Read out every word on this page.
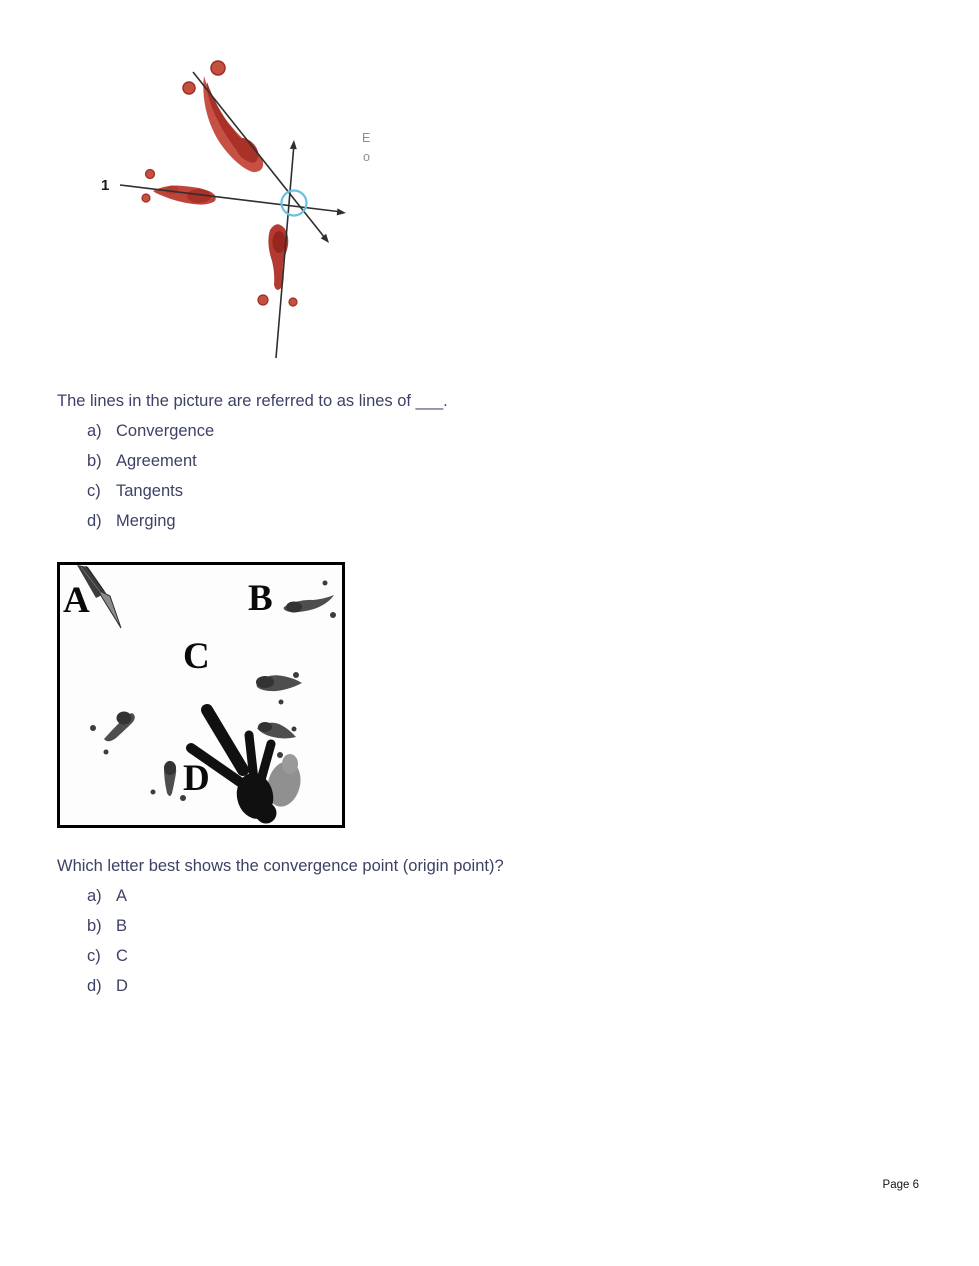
1
E
o

The lines in the picture are referred to as lines of ___.

a) Convergence
b) Agreement
c) Tangents
d) Merging
A	B
C
D

Which letter best shows the convergence point (origin point)?

a) A
b) B
c) C
d) D
Page 6
